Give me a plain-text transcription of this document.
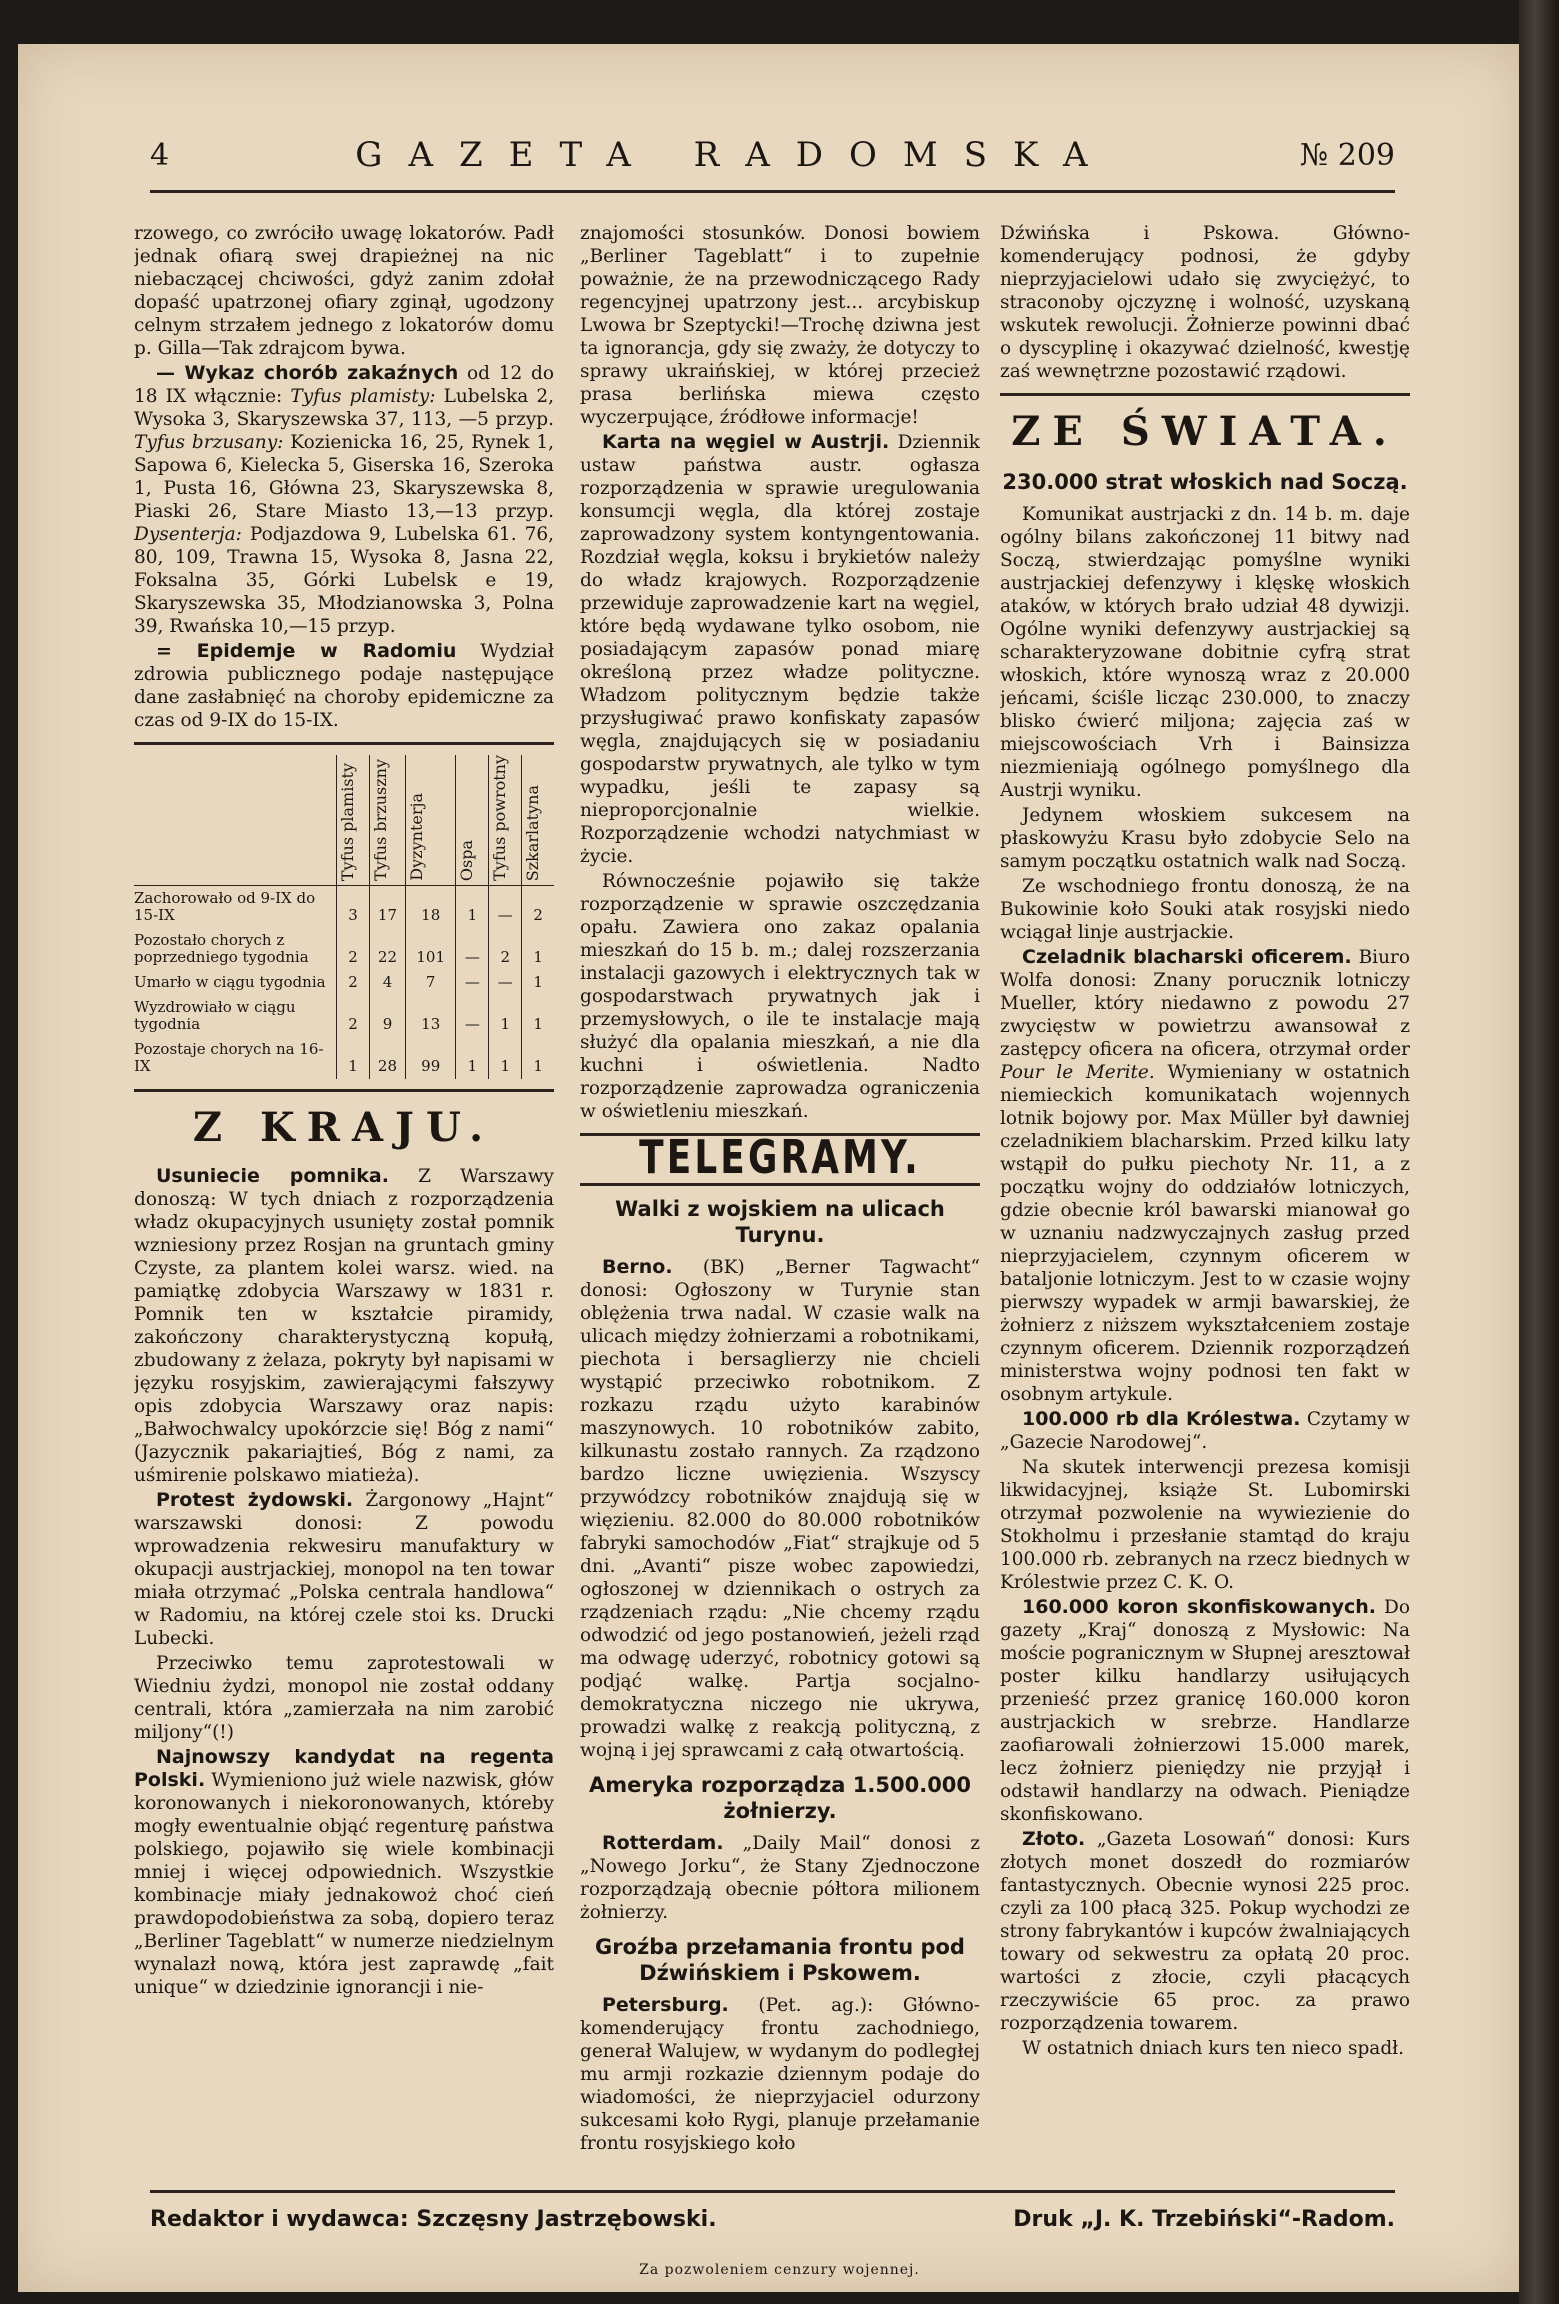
4	GAZETA RADOMSKA	№ 209

rzowego, co zwróciło uwagę lokatorów. Padł jednak ofiarą swej drapieżnej na nic niebaczącej chciwości, gdyż zanim zdołał dopaść upatrzonej ofiary zginął, ugodzony celnym strzałem jednego z lokatorów domu p. Gilla—Tak zdrajcom bywa.

— Wykaz chorób zakaźnych od 12 do 18 IX włącznie: Tyfus plamisty: Lubelska 2, Wysoka 3, Skaryszewska 37, 113, —5 przyp. Tyfus brzusany: Kozienicka 16, 25, Rynek 1, Sapowa 6, Kielecka 5, Giserska 16, Szeroka 1, Pusta 16, Główna 23, Skaryszewska 8, Piaski 26, Stare Miasto 13,—13 przyp. Dysenterja: Podjazdowa 9, Lubelska 61. 76, 80, 109, Trawna 15, Wysoka 8, Jasna 22, Foksalna 35, Górki Lubelsk e 19, Skaryszewska 35, Młodzianowska 3, Polna 39, Rwańska 10,—15 przyp.

= Epidemje w Radomiu Wydział zdrowia publicznego podaje następujące dane zasłabnięć na choroby epidemiczne za czas od 9-IX do 15-IX.

	Tyfus plamisty	Tyfus brzuszny	Dyzynterja	Ospa	Tyfus powrotny	Szkarlatyna
Zachorowało od 9-IX do 15-IX	3	17	18	1	—	2
Pozostało chorych z poprzedniego tygodnia	2	22	101	—	2	1
Umarło w ciągu tygodnia	2	4	7	—	—	1
Wyzdrowiało w ciągu tygodnia	2	9	13	—	1	1
Pozostaje chorych na 16-IX	1	28	99	1	1	1
Z KRAJU.

Usuniecie pomnika. Z Warszawy donoszą: W tych dniach z rozporządzenia władz okupacyjnych usunięty został pomnik wzniesiony przez Rosjan na gruntach gminy Czyste, za plantem kolei warsz. wied. na pamiątkę zdobycia Warszawy w 1831 r. Pomnik ten w kształcie piramidy, zakończony charakterystyczną kopułą, zbudowany z żelaza, pokryty był napisami w języku rosyjskim, zawierającymi fałszywy opis zdobycia Warszawy oraz napis: „Bałwochwalcy upokórzcie się! Bóg z nami“ (Jazycznik pakariajtieś, Bóg z nami, za uśmirenie polskawo miatieża).

Protest żydowski. Żargonowy „Hajnt“ warszawski donosi: Z powodu wprowadzenia rekwesiru manufaktury w okupacji austrjackiej, monopol na ten towar miała otrzymać „Polska centrala handlowa“ w Radomiu, na której czele stoi ks. Drucki Lubecki.

Przeciwko temu zaprotestowali w Wiedniu żydzi, monopol nie został oddany centrali, która „zamierzała na nim zarobić miljony“(!)

Najnowszy kandydat na regenta Polski. Wymieniono już wiele nazwisk, głów koronowanych i niekoronowanych, któreby mogły ewentualnie objąć regenturę państwa polskiego, pojawiło się wiele kombinacji mniej i więcej odpowiednich. Wszystkie kombinacje miały jednakowoż choć cień prawdopodobieństwa za sobą, dopiero teraz „Berliner Tageblatt“ w numerze niedzielnym wynalazł nową, która jest zaprawdę „fait unique“ w dziedzinie ignorancji i nie-

znajomości stosunków. Donosi bowiem „Berliner Tageblatt“ i to zupełnie poważnie, że na przewodniczącego Rady regencyjnej upatrzony jest... arcybiskup Lwowa br Szeptycki!—Trochę dziwna jest ta ignorancja, gdy się zważy, że dotyczy to sprawy ukraińskiej, w której przecież prasa berlińska miewa często wyczerpujące, źródłowe informacje!

Karta na węgiel w Austrji. Dziennik ustaw państwa austr. ogłasza rozporządzenia w sprawie uregulowania konsumcji węgla, dla której zostaje zaprowadzony system kontyngentowania. Rozdział węgla, koksu i brykietów należy do władz krajowych. Rozporządzenie przewiduje zaprowadzenie kart na węgiel, które będą wydawane tylko osobom, nie posiadającym zapasów ponad miarę określoną przez władze polityczne. Władzom politycznym będzie także przysługiwać prawo konfiskaty zapasów węgla, znajdujących się w posiadaniu gospodarstw prywatnych, ale tylko w tym wypadku, jeśli te zapasy są nieproporcjonalnie wielkie. Rozporządzenie wchodzi natychmiast w życie.

Równocześnie pojawiło się także rozporządzenie w sprawie oszczędzania opału. Zawiera ono zakaz opalania mieszkań do 15 b. m.; dalej rozszerzania instalacji gazowych i elektrycznych tak w gospodarstwach prywatnych jak i przemysłowych, o ile te instalacje mają służyć dla opalania mieszkań, a nie dla kuchni i oświetlenia. Nadto rozporządzenie zaprowadza ograniczenia w oświetleniu mieszkań.

TELEGRAMY.
Walki z wojskiem na ulicach Turynu.

Berno. (BK) „Berner Tagwacht“ donosi: Ogłoszony w Turynie stan oblężenia trwa nadal. W czasie walk na ulicach między żołnierzami a robotnikami, piechota i bersaglierzy nie chcieli wystąpić przeciwko robotnikom. Z rozkazu rządu użyto karabinów maszynowych. 10 robotników zabito, kilkunastu zostało rannych. Za rządzono bardzo liczne uwięzienia. Wszyscy przywódzcy robotników znajdują się w więzieniu. 82.000 do 80.000 robotników fabryki samochodów „Fiat“ strajkuje od 5 dni. „Avanti“ pisze wobec zapowiedzi, ogłoszonej w dziennikach o ostrych za rządzeniach rządu: „Nie chcemy rządu odwodzić od jego postanowień, jeżeli rząd ma odwagę uderzyć, robotnicy gotowi są podjąć walkę. Partja socjalno-demokratyczna niczego nie ukrywa, prowadzi walkę z reakcją polityczną, z wojną i jej sprawcami z całą otwartością.

Ameryka rozporządza 1.500.000 żołnierzy.

Rotterdam. „Daily Mail“ donosi z „Nowego Jorku“, że Stany Zjednoczone rozporządzają obecnie półtora milionem żołnierzy.

Groźba przełamania frontu pod Dźwińskiem i Pskowem.

Petersburg. (Pet. ag.): Główno-komenderujący frontu zachodniego, generał Walujew, w wydanym do podległej mu armji rozkazie dziennym podaje do wiadomości, że nieprzyjaciel odurzony sukcesami koło Rygi, planuje przełamanie frontu rosyjskiego koło

Dźwińska i Pskowa. Główno-komenderujący podnosi, że gdyby nieprzyjacielowi udało się zwyciężyć, to straconoby ojczyznę i wolność, uzyskaną wskutek rewolucji. Żołnierze powinni dbać o dyscyplinę i okazywać dzielność, kwestję zaś wewnętrzne pozostawić rządowi.

ZE ŚWIATA.
230.000 strat włoskich nad Soczą.

Komunikat austrjacki z dn. 14 b. m. daje ogólny bilans zakończonej 11 bitwy nad Soczą, stwierdzając pomyślne wyniki austrjackiej defenzywy i klęskę włoskich ataków, w których brało udział 48 dywizji. Ogólne wyniki defenzywy austrjackiej są scharakteryzowane dobitnie cyfrą strat włoskich, które wynoszą wraz z 20.000 jeńcami, ściśle licząc 230.000, to znaczy blisko ćwierć miljona; zajęcia zaś w miejscowościach Vrh i Bainsizza niezmieniają ogólnego pomyślnego dla Austrji wyniku.

Jedynem włoskiem sukcesem na płaskowyżu Krasu było zdobycie Selo na samym początku ostatnich walk nad Soczą.

Ze wschodniego frontu donoszą, że na Bukowinie koło Souki atak rosyjski niedo wciągał linje austrjackie.

Czeladnik blacharski oficerem. Biuro Wolfa donosi: Znany porucznik lotniczy Mueller, który niedawno z powodu 27 zwycięstw w powietrzu awansował z zastępcy oficera na oficera, otrzymał order Pour le Merite. Wymieniany w ostatnich niemieckich komunikatach wojennych lotnik bojowy por. Max Müller był dawniej czeladnikiem blacharskim. Przed kilku laty wstąpił do pułku piechoty Nr. 11, a z początku wojny do oddziałów lotniczych, gdzie obecnie król bawarski mianował go w uznaniu nadzwyczajnych zasług przed nieprzyjacielem, czynnym oficerem w bataljonie lotniczym. Jest to w czasie wojny pierwszy wypadek w armji bawarskiej, że żołnierz z niższem wykształceniem zostaje czynnym oficerem. Dziennik rozporządzeń ministerstwa wojny podnosi ten fakt w osobnym artykule.

100.000 rb dla Królestwa. Czytamy w „Gazecie Narodowej“.

Na skutek interwencji prezesa komisji likwidacyjnej, książe St. Lubomirski otrzymał pozwolenie na wywiezienie do Stokholmu i przesłanie stamtąd do kraju 100.000 rb. zebranych na rzecz biednych w Królestwie przez C. K. O.

160.000 koron skonfiskowanych. Do gazety „Kraj“ donoszą z Mysłowic: Na moście pogranicznym w Słupnej aresztował poster kilku handlarzy usiłujących przenieść przez granicę 160.000 koron austrjackich w srebrze. Handlarze zaofiarowali żołnierzowi 15.000 marek, lecz żołnierz pieniędzy nie przyjął i odstawił handlarzy na odwach. Pieniądze skonfiskowano.

Złoto. „Gazeta Losowań“ donosi: Kurs złotych monet doszedł do rozmiarów fantastycznych. Obecnie wynosi 225 proc. czyli za 100 płacą 325. Pokup wychodzi ze strony fabrykantów i kupców żwalniających towary od sekwestru za opłatą 20 proc. wartości z złocie, czyli płacących rzeczywiście 65 proc. za prawo rozporządzenia towarem.

W ostatnich dniach kurs ten nieco spadł.

Redaktor i wydawca: Szczęsny Jastrzębowski.	Druk „J. K. Trzebiński“-Radom.
Za pozwoleniem cenzury wojennej.
